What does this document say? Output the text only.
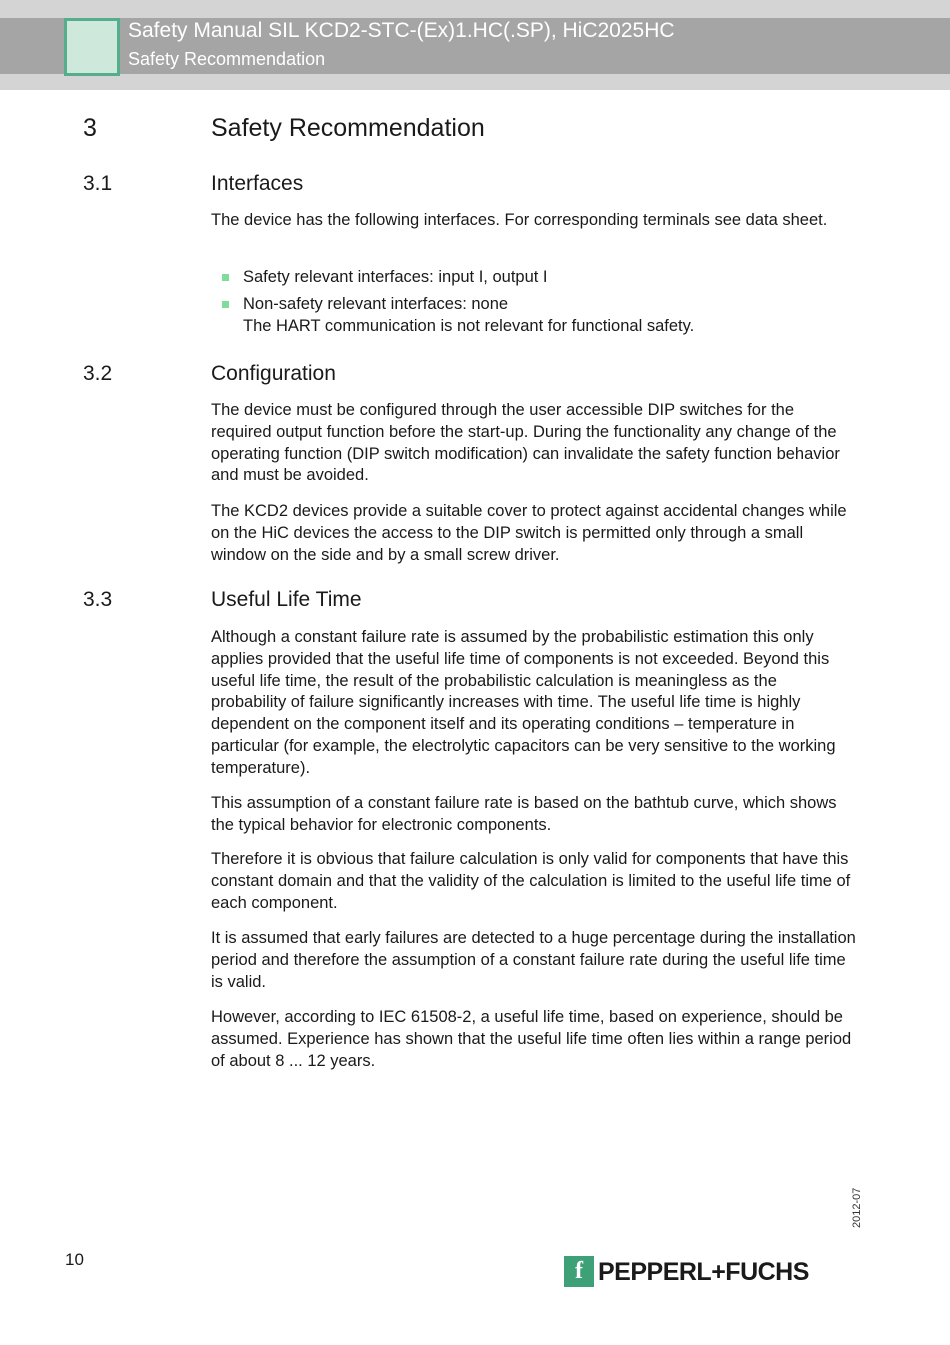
Safety Manual SIL KCD2-STC-(Ex)1.HC(.SP), HiC2025HC
Safety Recommendation
3	Safety Recommendation
3.1	Interfaces

The device has the following interfaces. For corresponding terminals see data sheet.

Safety relevant interfaces: input I, output I
Non-safety relevant interfaces: none
The HART communication is not relevant for functional safety.
3.2	Configuration

The device must be configured through the user accessible DIP switches for the required output function before the start-up. During the functionality any change of the operating function (DIP switch modification) can invalidate the safety function behavior and must be avoided.

The KCD2 devices provide a suitable cover to protect against accidental changes while on the HiC devices the access to the DIP switch is permitted only through a small window on the side and by a small screw driver.

3.3	Useful Life Time

Although a constant failure rate is assumed by the probabilistic estimation this only applies provided that the useful life time of components is not exceeded. Beyond this useful life time, the result of the probabilistic calculation is meaningless as the probability of failure significantly increases with time. The useful life time is highly dependent on the component itself and its operating conditions – temperature in particular (for example, the electrolytic capacitors can be very sensitive to the working temperature).

This assumption of a constant failure rate is based on the bathtub curve, which shows the typical behavior for electronic components.

Therefore it is obvious that failure calculation is only valid for components that have this constant domain and that the validity of the calculation is limited to the useful life time of each component.

It is assumed that early failures are detected to a huge percentage during the installation period and therefore the assumption of a constant failure rate during the useful life time is valid.

However, according to IEC 61508-2, a useful life time, based on experience, should be assumed. Experience has shown that the useful life time often lies within a range period of about 8 ... 12 years.

2012-07
10	f PEPPERL+FUCHS
